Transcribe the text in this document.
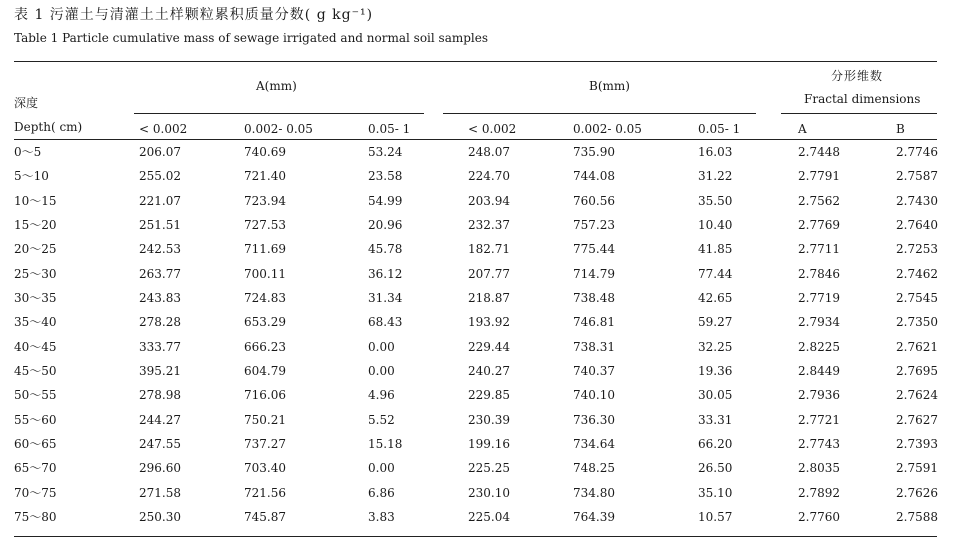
表 1 污灌土与清灌土土样颗粒累积质量分数( g kg⁻¹)
Table 1 Particle cumulative mass of sewage irrigated and normal soil samples
深度
Depth( cm)
A(mm)	B(mm)
分形维数
Fractal dimensions
< 0.002	0.002- 0.05	0.05- 1	< 0.002	0.002- 0.05	0.05- 1	A	B
0～5	206.07	740.69	53.24	248.07	735.90	16.03	2.7448	2.7746
5～10	255.02	721.40	23.58	224.70	744.08	31.22	2.7791	2.7587
10～15	221.07	723.94	54.99	203.94	760.56	35.50	2.7562	2.7430
15～20	251.51	727.53	20.96	232.37	757.23	10.40	2.7769	2.7640
20～25	242.53	711.69	45.78	182.71	775.44	41.85	2.7711	2.7253
25～30	263.77	700.11	36.12	207.77	714.79	77.44	2.7846	2.7462
30～35	243.83	724.83	31.34	218.87	738.48	42.65	2.7719	2.7545
35～40	278.28	653.29	68.43	193.92	746.81	59.27	2.7934	2.7350
40～45	333.77	666.23	0.00	229.44	738.31	32.25	2.8225	2.7621
45～50	395.21	604.79	0.00	240.27	740.37	19.36	2.8449	2.7695
50～55	278.98	716.06	4.96	229.85	740.10	30.05	2.7936	2.7624
55～60	244.27	750.21	5.52	230.39	736.30	33.31	2.7721	2.7627
60～65	247.55	737.27	15.18	199.16	734.64	66.20	2.7743	2.7393
65～70	296.60	703.40	0.00	225.25	748.25	26.50	2.8035	2.7591
70～75	271.58	721.56	6.86	230.10	734.80	35.10	2.7892	2.7626
75～80	250.30	745.87	3.83	225.04	764.39	10.57	2.7760	2.7588
